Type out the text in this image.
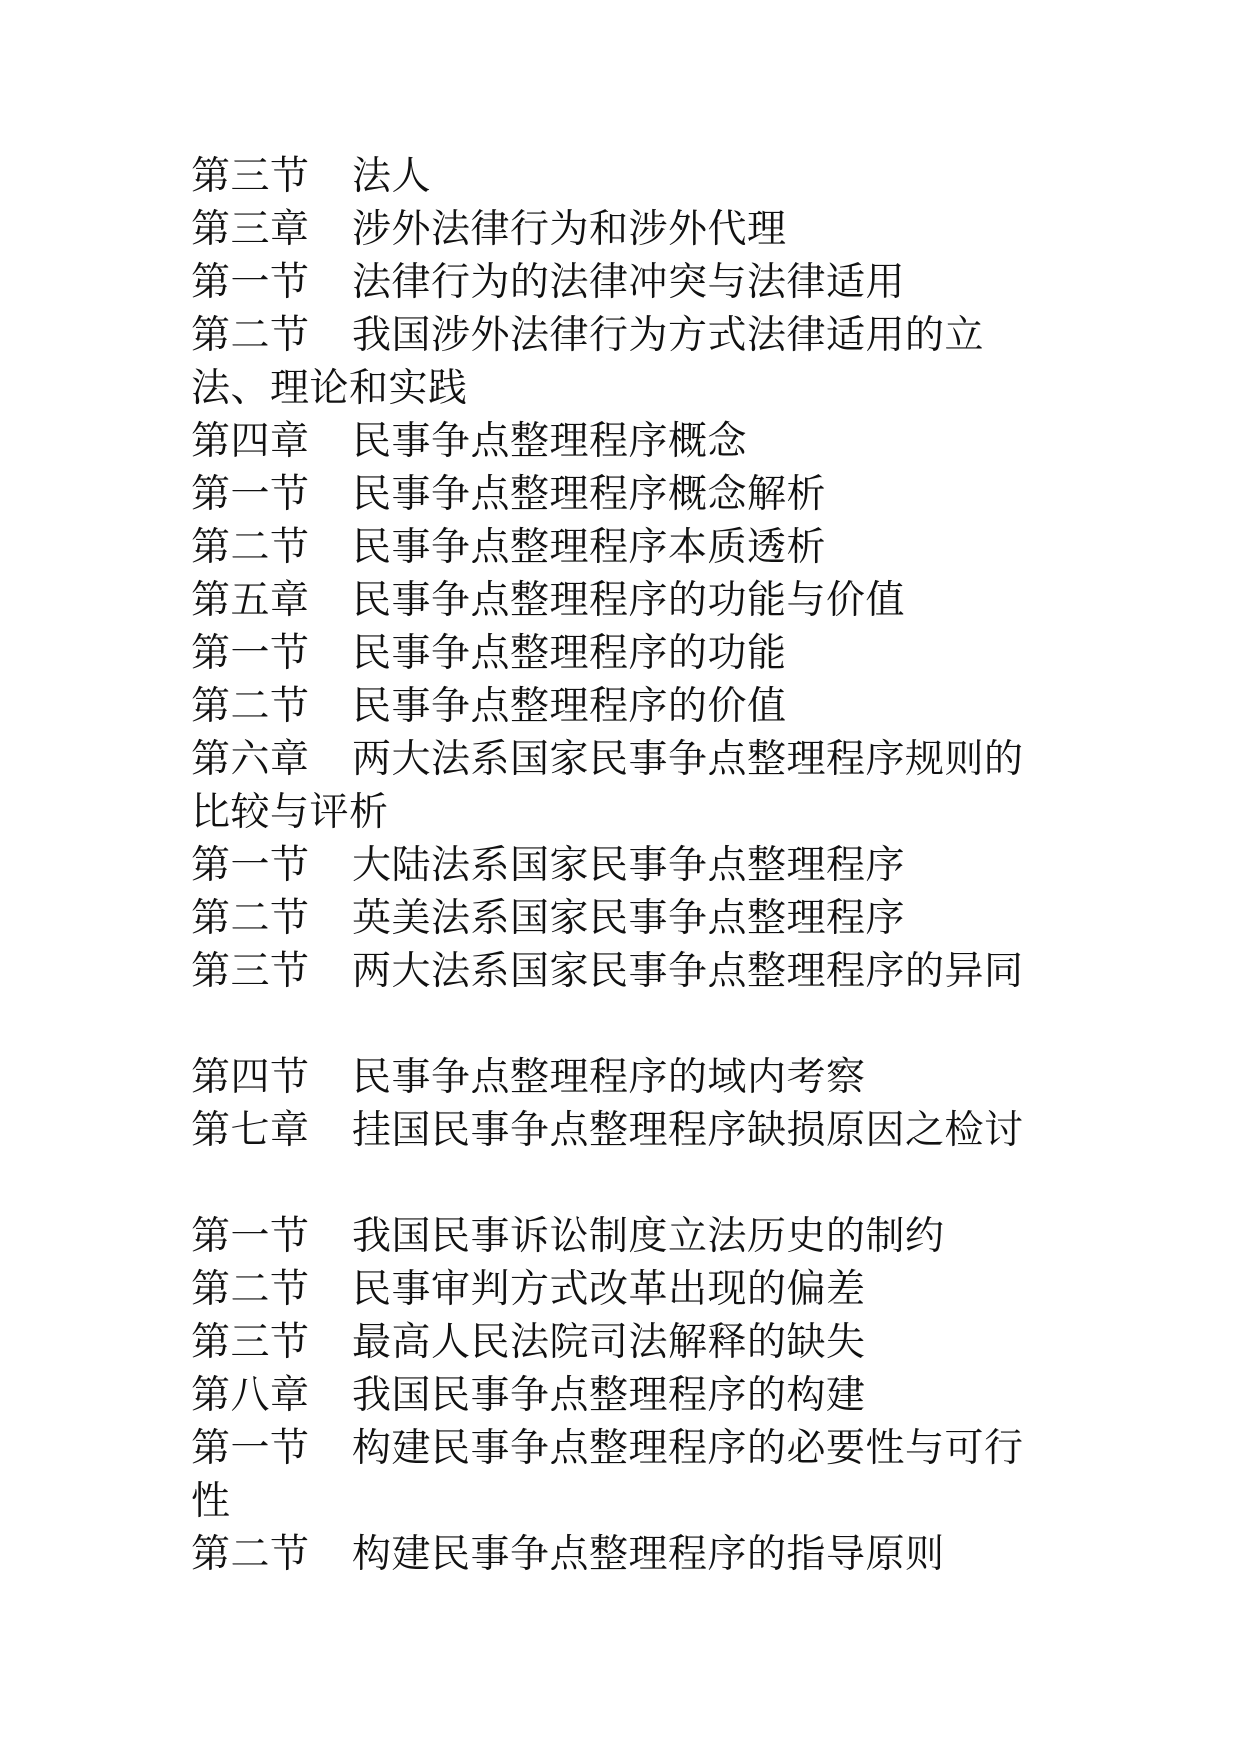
第三节 法人
第三章 涉外法律行为和涉外代理
第一节 法律行为的法律冲突与法律适用
第二节 我国涉外法律行为方式法律适用的立法、理论和实践
第四章 民事争点整理程序概念
第一节 民事争点整理程序概念解析
第二节 民事争点整理程序本质透析
第五章 民事争点整理程序的功能与价值
第一节 民事争点整理程序的功能
第二节 民事争点整理程序的价值
第六章 两大法系国家民事争点整理程序规则的比较与评析
第一节 大陆法系国家民事争点整理程序
第二节 英美法系国家民事争点整理程序
第三节 两大法系国家民事争点整理程序的异同
第四节 民事争点整理程序的域内考察
第七章 挂国民事争点整理程序缺损原因之检讨
第一节 我国民事诉讼制度立法历史的制约
第二节 民事审判方式改革出现的偏差
第三节 最高人民法院司法解释的缺失
第八章 我国民事争点整理程序的构建
第一节 构建民事争点整理程序的必要性与可行性
第二节 构建民事争点整理程序的指导原则
